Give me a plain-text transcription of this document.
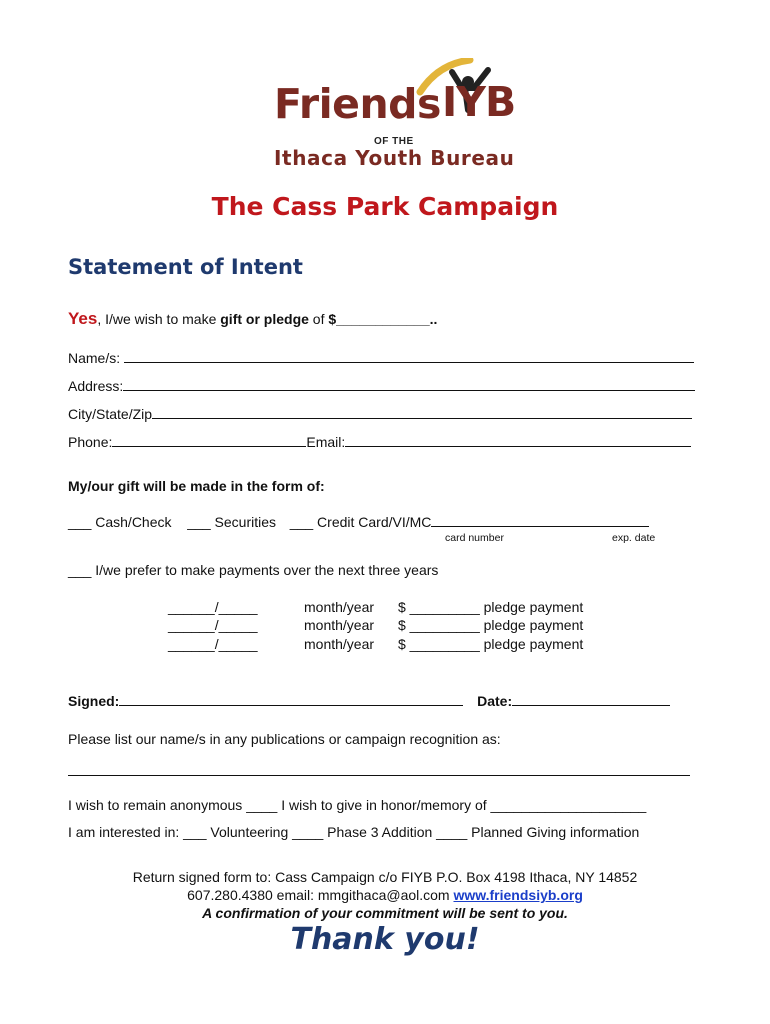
Friends IYB
OF THE
Ithaca Youth Bureau
The Cass Park Campaign
Statement of Intent
Yes, I/we wish to make gift or pledge of $____________..
Name/s:
Address:
City/State/Zip
Phone:	Email:
My/our gift will be made in the form of:
___ Cash/Check ___ Securities ___ Credit Card/VI/MC
card number	exp. date
___ I/we prefer to make payments over the next three years
______/_____	month/year $ _________ pledge payment
______/_____	month/year $ _________ pledge payment
______/_____	month/year $ _________ pledge payment
Signed:	Date:
Please list our name/s in any publications or campaign recognition as:
I wish to remain anonymous ____ I wish to give in honor/memory of ____________________
I am interested in: ___ Volunteering ____ Phase 3 Addition ____ Planned Giving information
Return signed form to: Cass Campaign c/o FIYB P.O. Box 4198 Ithaca, NY 14852
607.280.4380 email: mmgithaca@aol.com www.friendsiyb.org
A confirmation of your commitment will be sent to you.
Thank you!
